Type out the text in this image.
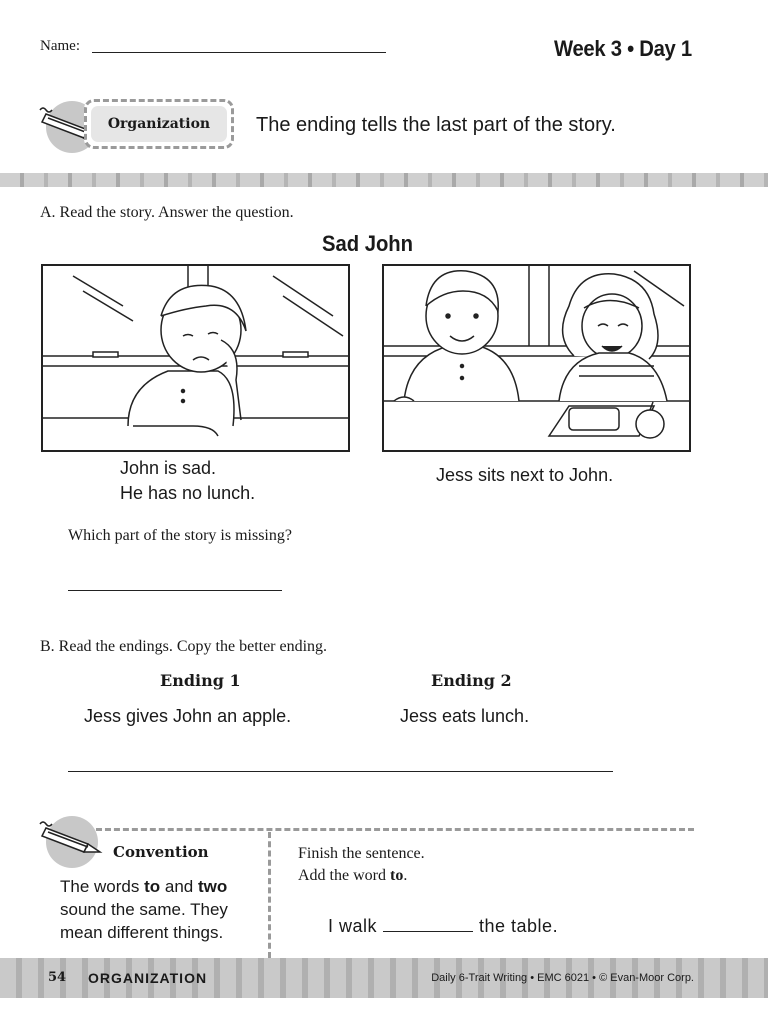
Name:	Week 3 • Day 1
Organization	The ending tells the last part of the story.
A. Read the story. Answer the question.
Sad John
John is sad.
He has no lunch.
Jess sits next to John.
Which part of the story is missing?
B. Read the endings. Copy the better ending.
Ending 1
Jess gives John an apple.
Ending 2
Jess eats lunch.
Convention
The words to and two sound the same. They mean different things.
Finish the sentence.
Add the word to.
I walk	the table.
54 ORGANIZATION	Daily 6-Trait Writing • EMC 6021 • © Evan-Moor Corp.
